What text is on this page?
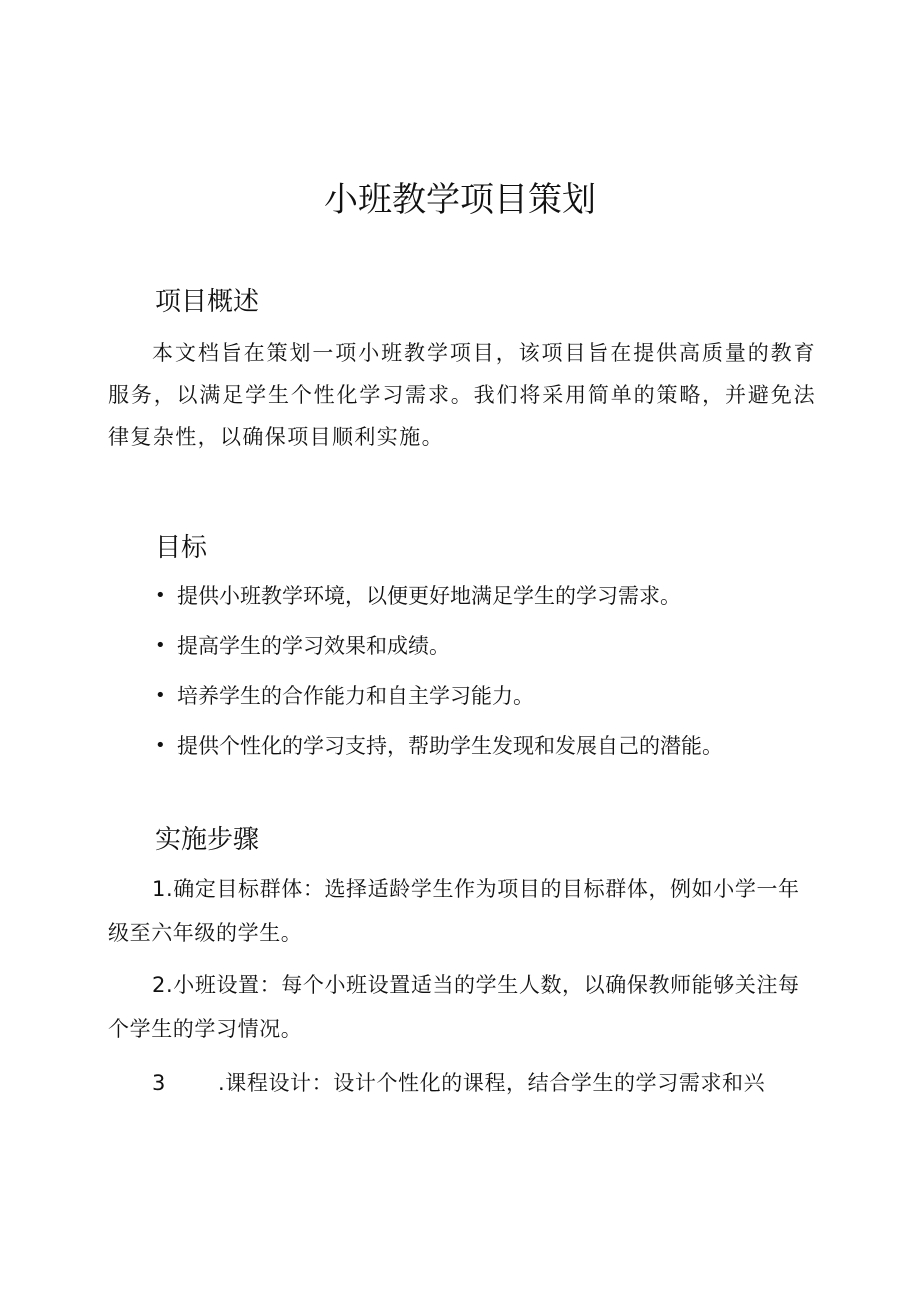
小班教学项目策划
项目概述

本文档旨在策划一项小班教学项目，该项目旨在提供高质量的教育服务，以满足学生个性化学习需求。我们将采用简单的策略，并避免法律复杂性，以确保项目顺利实施。

目标
• 提供小班教学环境，以便更好地满足学生的学习需求。
• 提高学生的学习效果和成绩。
• 培养学生的合作能力和自主学习能力。
• 提供个性化的学习支持，帮助学生发现和发展自己的潜能。
实施步骤

1.确定目标群体：选择适龄学生作为项目的目标群体，例如小学一年级至六年级的学生。

2.小班设置：每个小班设置适当的学生人数，以确保教师能够关注每个学生的学习情况。

3 .课程设计：设计个性化的课程，结合学生的学习需求和兴
